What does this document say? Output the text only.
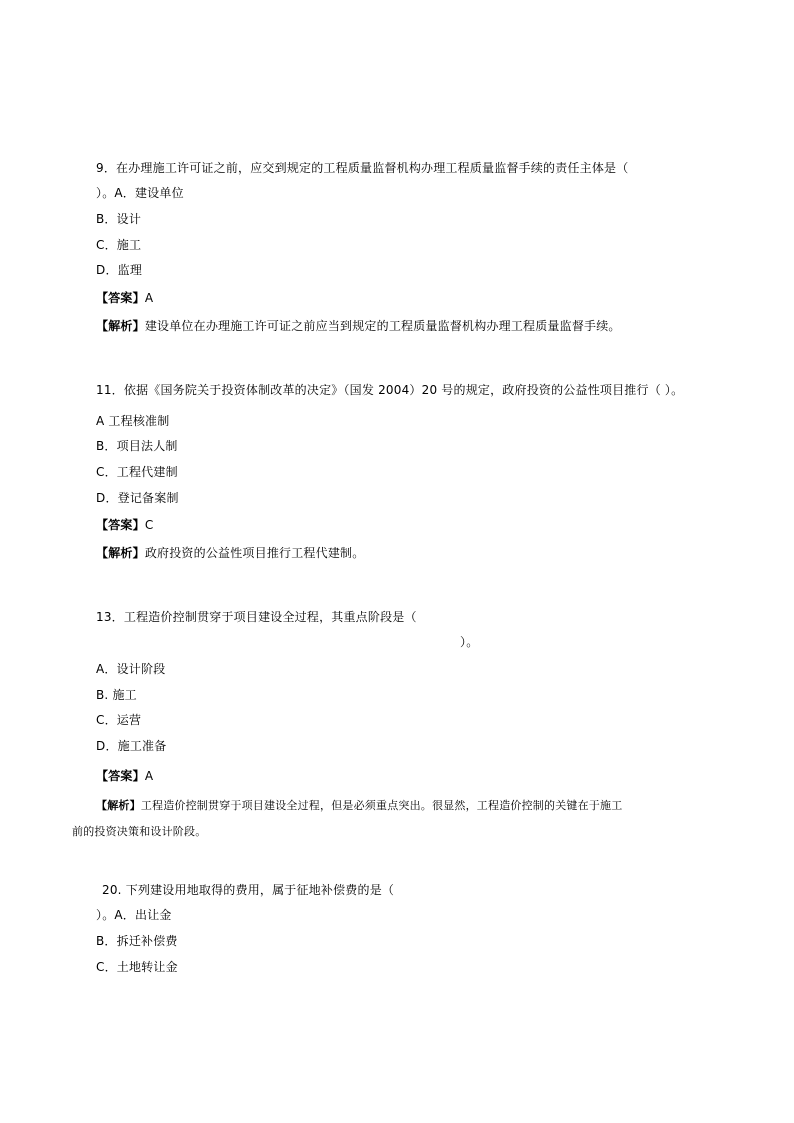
9．在办理施工许可证之前，应交到规定的工程质量监督机构办理工程质量监督手续的责任主体是（
）。A．建设单位
B．设计
C．施工
D．监理
【答案】A
【解析】建设单位在办理施工许可证之前应当到规定的工程质量监督机构办理工程质量监督手续。
11．依据《国务院关于投资体制改革的决定》（国发 2004）20 号的规定，政府投资的公益性项目推行（ ）。
A 工程核准制
B．项目法人制
C．工程代建制
D．登记备案制
【答案】C
【解析】政府投资的公益性项目推行工程代建制。
13．工程造价控制贯穿于项目建设全过程，其重点阶段是（
）。
A．设计阶段
B. 施工
C．运营
D．施工准备
【答案】A
【解析】工程造价控制贯穿于项目建设全过程，但是必须重点突出。很显然，工程造价控制的关键在于施工
前的投资决策和设计阶段。
20. 下列建设用地取得的费用，属于征地补偿费的是（
）。A．出让金
B．拆迁补偿费
C．土地转让金
